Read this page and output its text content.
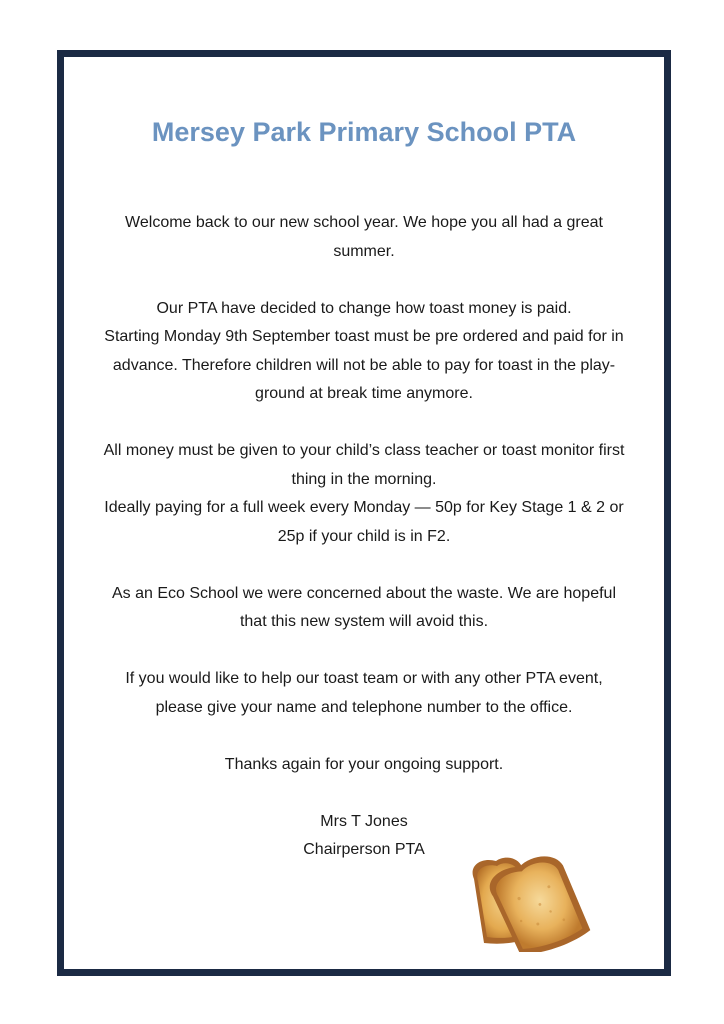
Mersey Park Primary School PTA

Welcome back to our new school year. We hope you all had a great
summer.

Our PTA have decided to change how toast money is paid.
Starting Monday 9th September toast must be pre ordered and paid for in
advance. Therefore children will not be able to pay for toast in the play-
ground at break time anymore.

All money must be given to your child’s class teacher or toast monitor first
thing in the morning.
Ideally paying for a full week every Monday — 50p for Key Stage 1 & 2 or
25p if your child is in F2.

As an Eco School we were concerned about the waste. We are hopeful
that this new system will avoid this.

If you would like to help our toast team or with any other PTA event,
please give your name and telephone number to the office.

Thanks again for your ongoing support.

Mrs T Jones

Chairperson PTA
